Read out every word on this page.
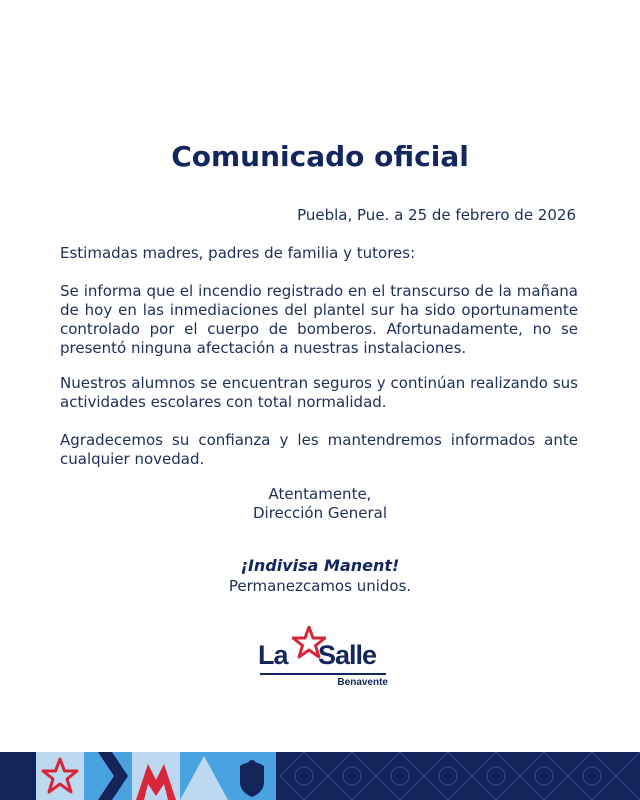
Comunicado oficial
Puebla, Pue. a 25 de febrero de 2026
Estimadas madres, padres de familia y tutores:
Se informa que el incendio registrado en el transcurso de la mañana de hoy en las inmediaciones del plantel sur ha sido oportunamente controlado por el cuerpo de bomberos. Afortunadamente, no se presentó ninguna afectación a nuestras instalaciones.
Nuestros alumnos se encuentran seguros y continúan realizando sus actividades escolares con total normalidad.
Agradecemos su confianza y les mantendremos informados ante cualquier novedad.
Atentamente,
Dirección General
¡Indivisa Manent!
Permanezcamos unidos.
La Salle
Benavente
